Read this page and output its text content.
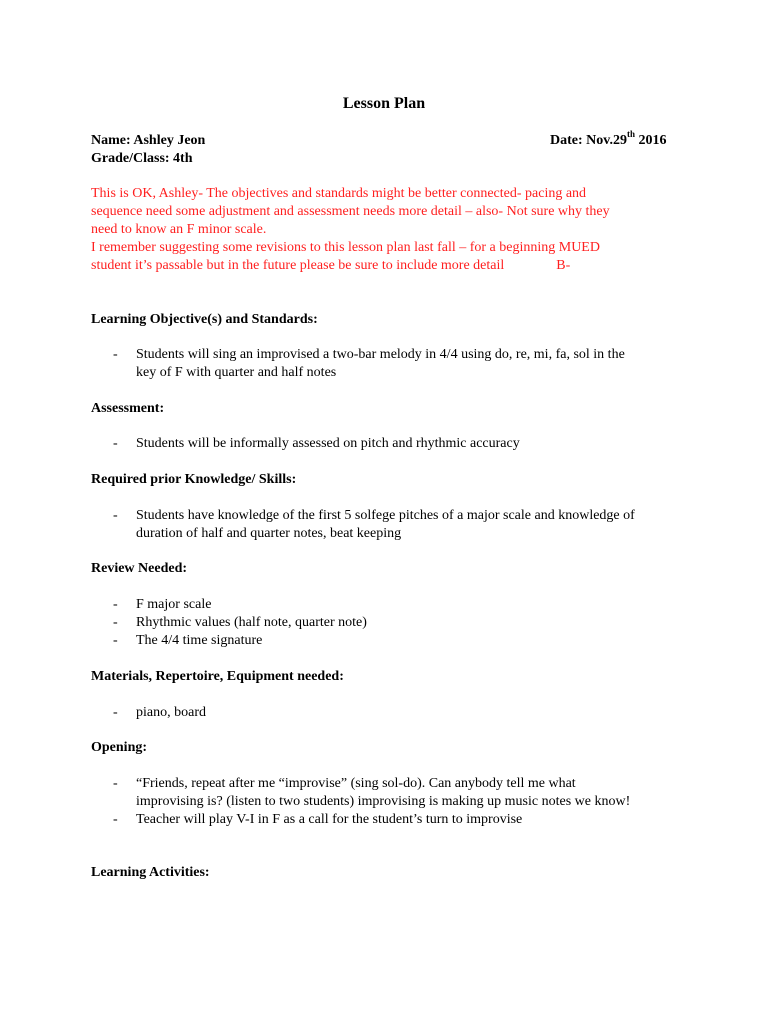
Lesson Plan
Name: Ashley Jeon	Date: Nov.29th 2016
Grade/Class: 4th
This is OK, Ashley- The objectives and standards might be better connected- pacing and
sequence need some adjustment and assessment needs more detail – also- Not sure why they
need to know an F minor scale.
I remember suggesting some revisions to this lesson plan last fall – for a beginning MUED
student it’s passable but in the future please be sure to include more detail	B-
Learning Objective(s) and Standards:
- Students will sing an improvised a two-bar melody in 4/4 using do, re, mi, fa, sol in the
key of F with quarter and half notes
Assessment:
- Students will be informally assessed on pitch and rhythmic accuracy
Required prior Knowledge/ Skills:
- Students have knowledge of the first 5 solfege pitches of a major scale and knowledge of
duration of half and quarter notes, beat keeping
Review Needed:
- F major scale
- Rhythmic values (half note, quarter note)
- The 4/4 time signature
Materials, Repertoire, Equipment needed:
- piano, board
Opening:
- “Friends, repeat after me “improvise” (sing sol-do). Can anybody tell me what
improvising is? (listen to two students) improvising is making up music notes we know!
- Teacher will play V-I in F as a call for the student’s turn to improvise
Learning Activities:
